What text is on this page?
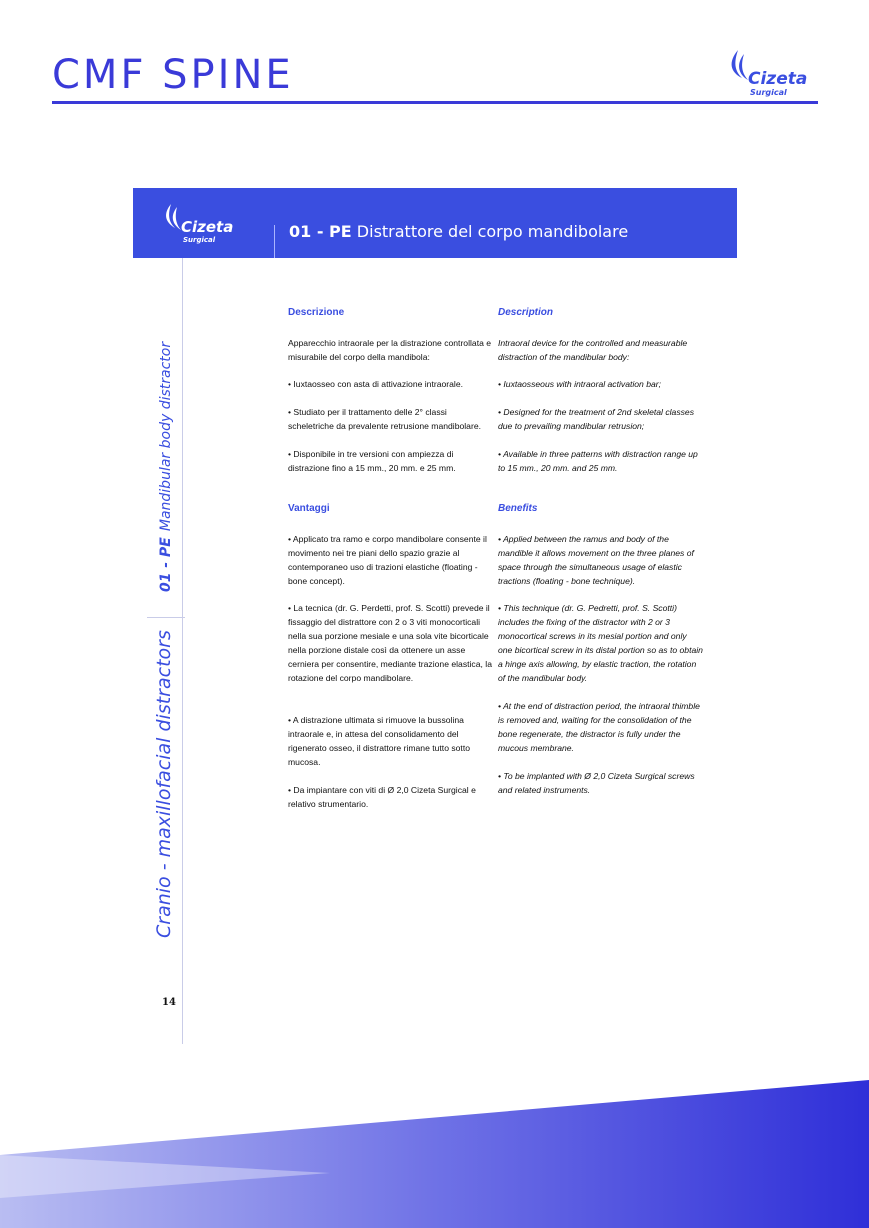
CMF SPINE	Cizeta
Surgical
Cizeta
Surgical	01 - PE Distrattore del corpo mandibolare
Cranio - maxillofacial distractors  01 - PE Mandibular body distractor
14
Descrizione

Apparecchio intraorale per la distrazione controllata e misurabile del corpo della mandibola:

• Iuxtaosseo con asta di attivazione intraorale.

• Studiato per il trattamento delle 2° classi scheletriche da prevalente retrusione mandibolare.

• Disponibile in tre versioni con ampiezza di distrazione fino a 15 mm., 20 mm. e 25 mm.

Vantaggi

• Applicato tra ramo e corpo mandibolare consente il movimento nei tre piani dello spazio grazie al contemporaneo uso di trazioni elastiche (floating - bone concept).

• La tecnica (dr. G. Perdetti, prof. S. Scotti) prevede il fissaggio del distrattore con 2 o 3 viti monocorticali nella sua porzione mesiale e una sola vite bicorticale nella porzione distale così da ottenere un asse cerniera per consentire, mediante trazione elastica, la rotazione del corpo mandibolare.

• A distrazione ultimata si rimuove la bussolina intraorale e, in attesa del consolidamento del rigenerato osseo, il distrattore rimane tutto sotto mucosa.

• Da impiantare con viti di Ø 2,0 Cizeta Surgical e relativo strumentario.

Description

Intraoral device for the controlled and measurable distraction of the mandibular body:

• Iuxtaosseous with intraoral activation bar;

• Designed for the treatment of 2nd skeletal classes due to prevailing mandibular retrusion;

• Available in three patterns with distraction range up to 15 mm., 20 mm. and 25 mm.

Benefits

• Applied between the ramus and body of the mandible it allows movement on the three planes of space through the simultaneous usage of elastic tractions (floating - bone technique).

• This technique (dr. G. Pedretti, prof. S. Scotti) includes the fixing of the distractor with 2 or 3 monocortical screws in its mesial portion and only one bicortical screw in its distal portion so as to obtain a hinge axis allowing, by elastic traction, the rotation of the mandibular body.

• At the end of distraction period, the intraoral thimble is removed and, waiting for the consolidation of the bone regenerate, the distractor is fully under the mucous membrane.

• To be implanted with Ø 2,0 Cizeta Surgical screws and related instruments.
